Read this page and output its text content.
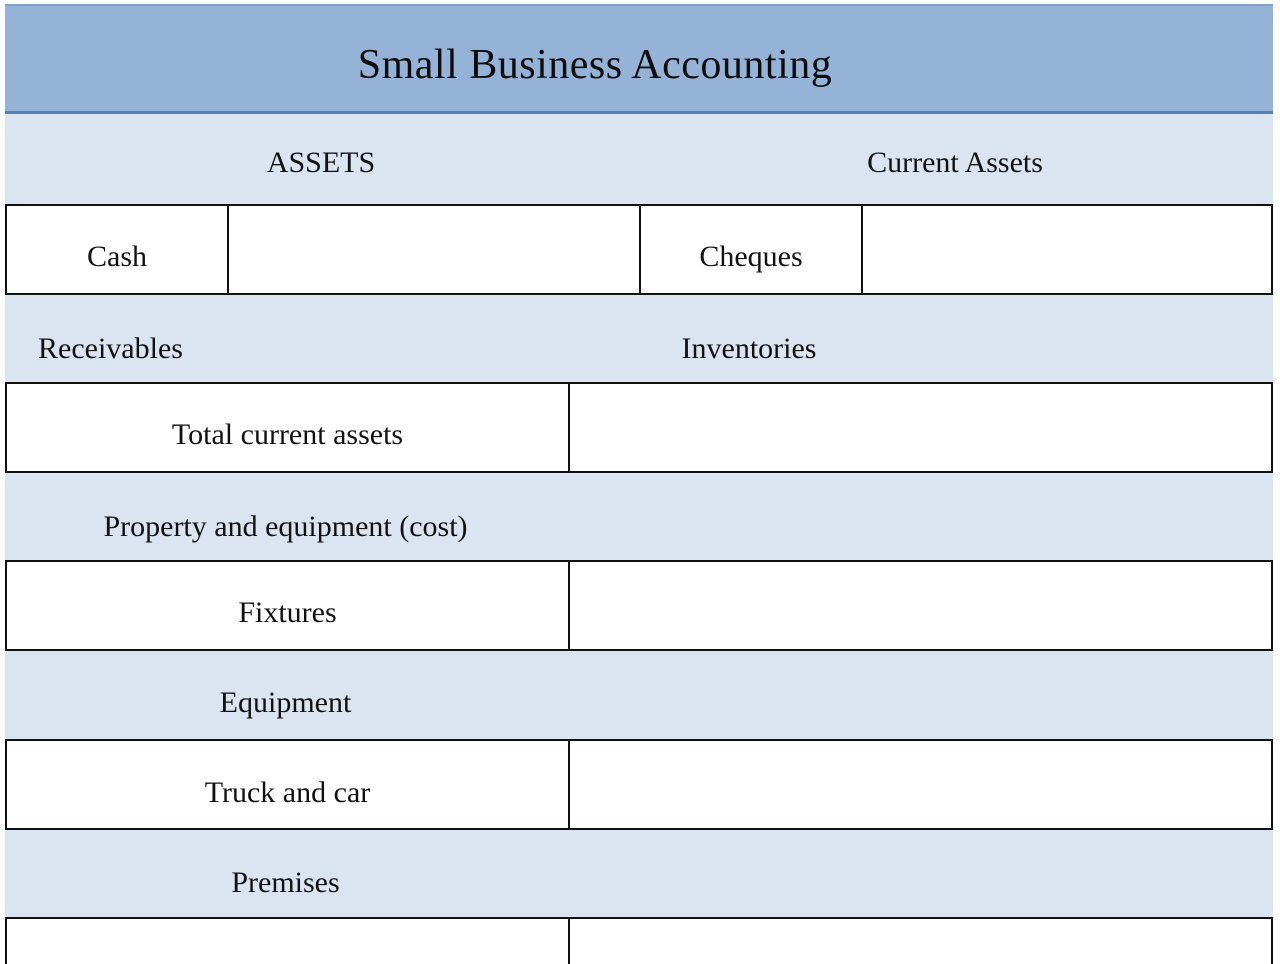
Small Business Accounting
ASSETS	Current Assets
Cash	Cheques
Receivables	Inventories
Total current assets
Property and equipment (cost)
Fixtures
Equipment
Truck and car
Premises
